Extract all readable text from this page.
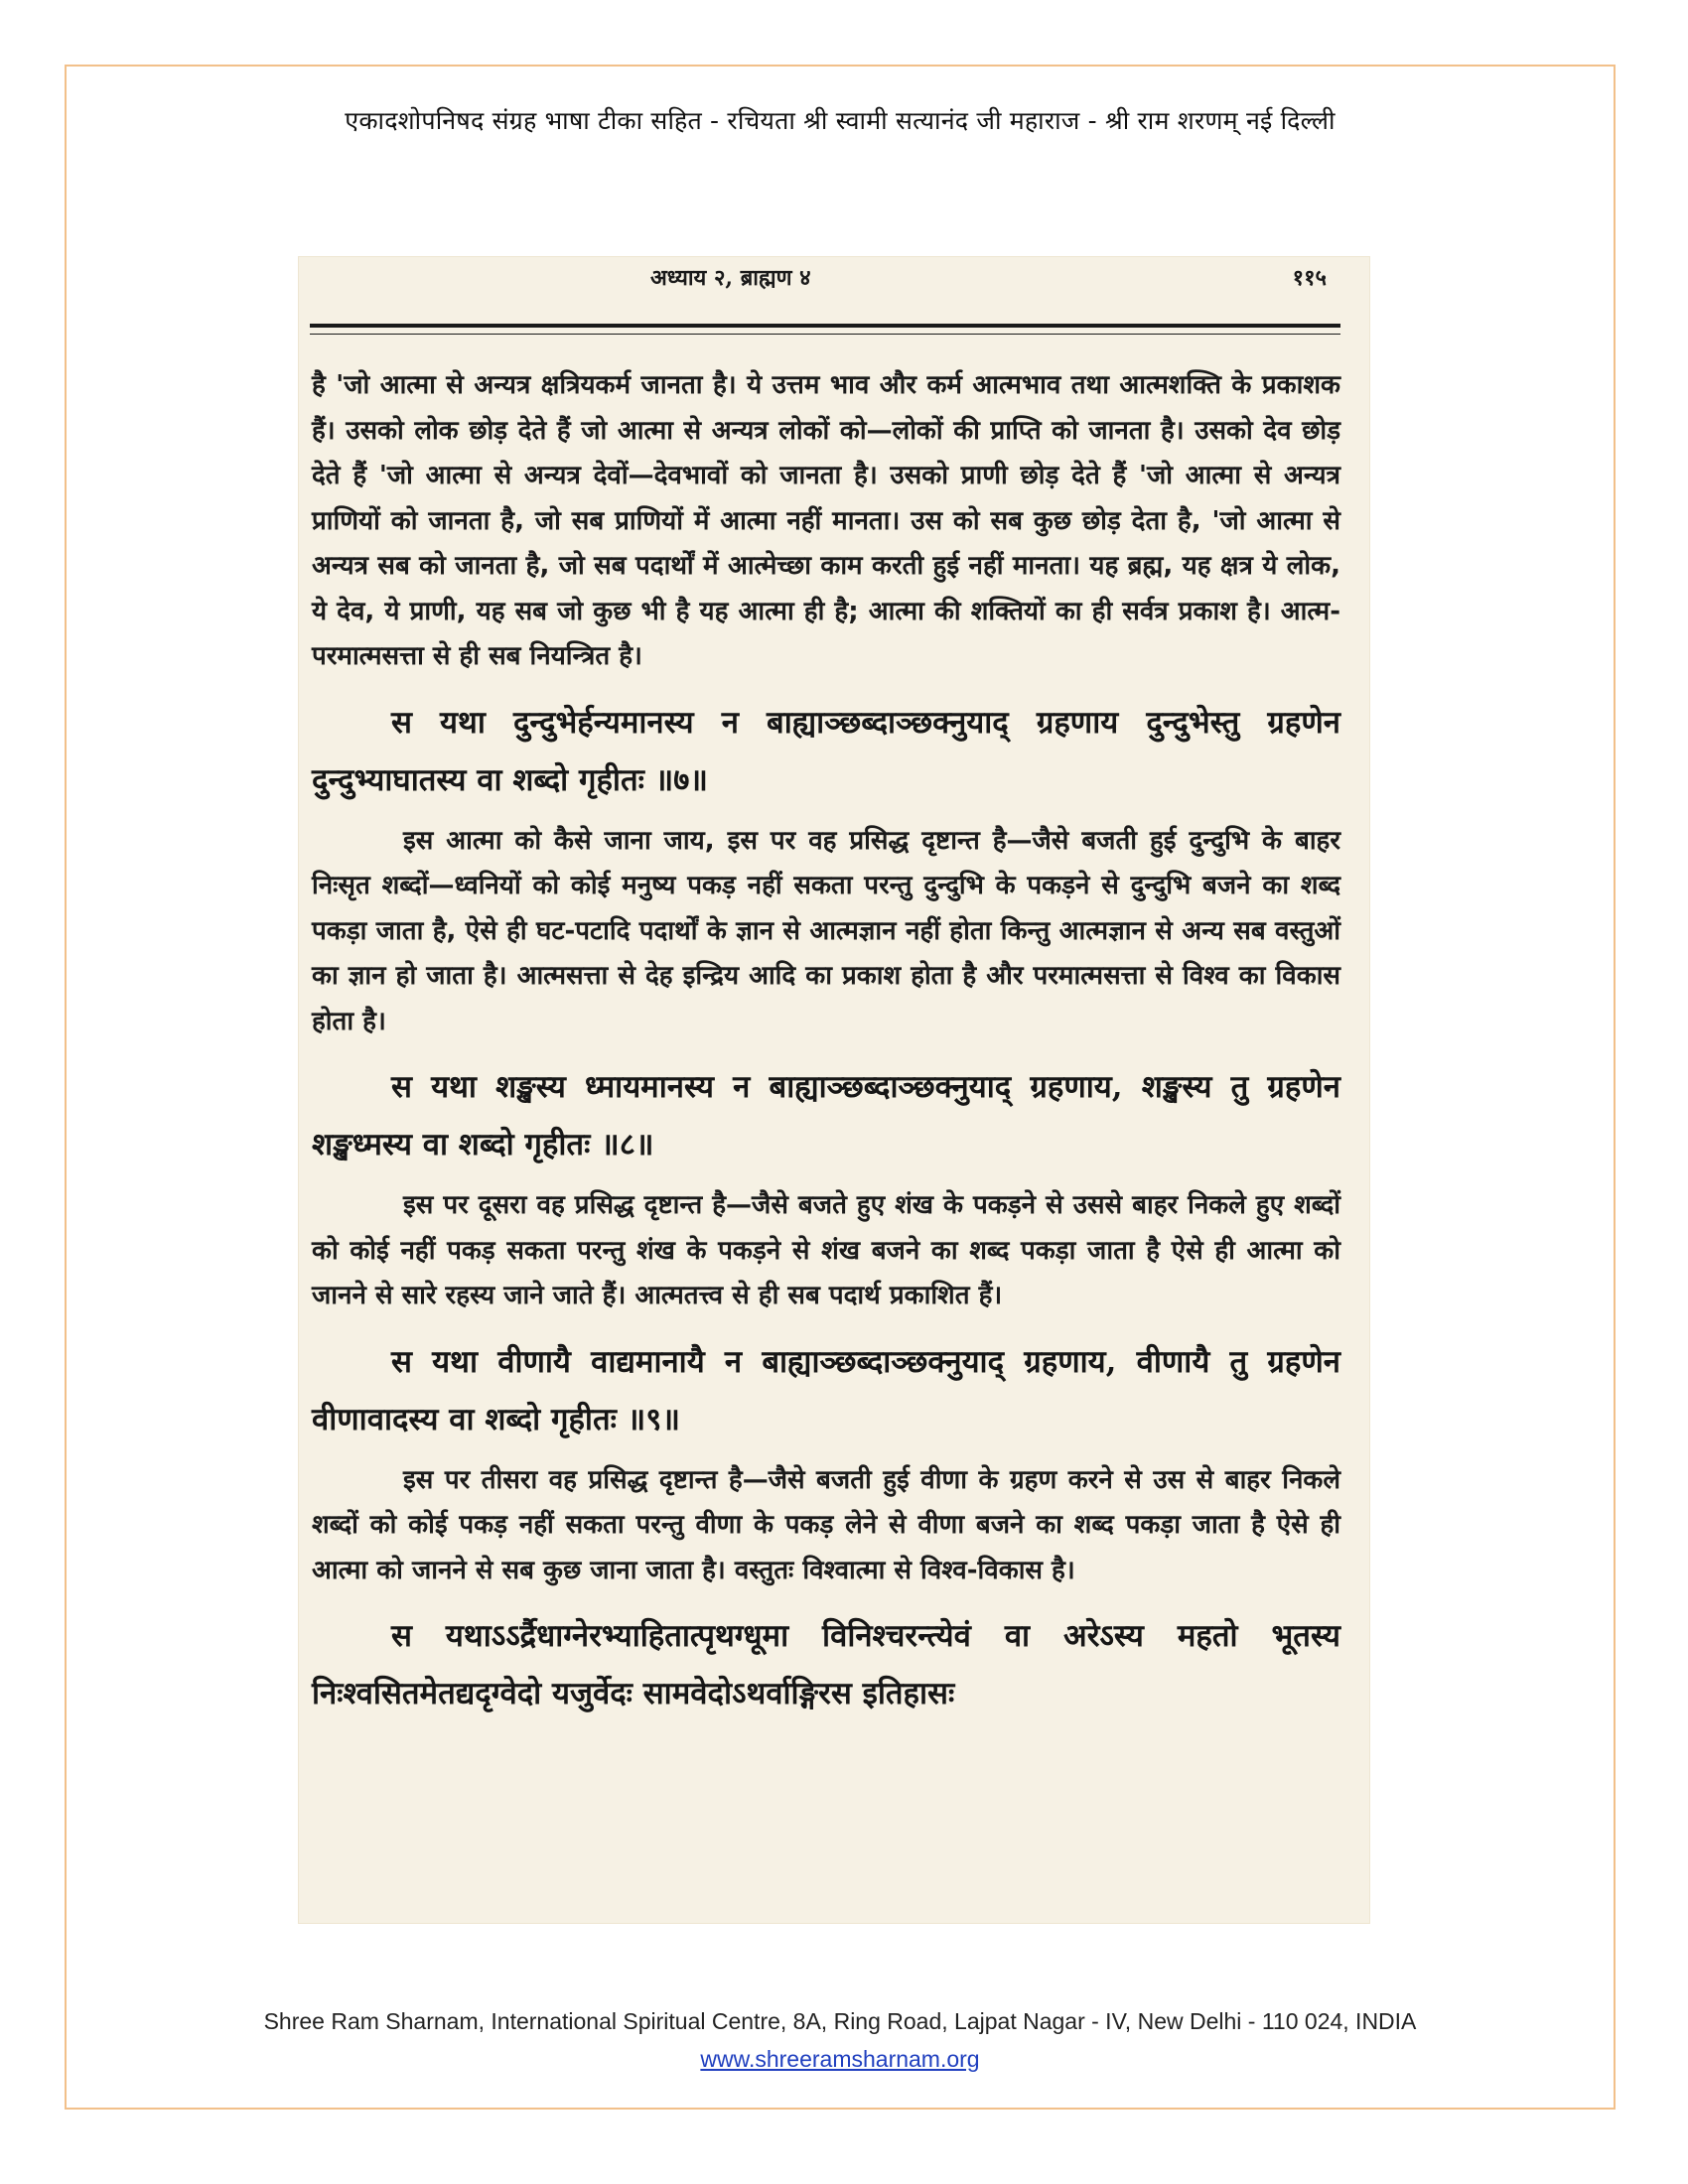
एकादशोपनिषद संग्रह भाषा टीका सहित - रचियता श्री स्वामी सत्यानंद जी महाराज - श्री राम शरणम् नई दिल्ली
अध्याय २, ब्राह्मण ४	११५

है 'जो आत्मा से अन्यत्र क्षत्रियकर्म जानता है। ये उत्तम भाव और कर्म आत्मभाव तथा आत्मशक्ति के प्रकाशक हैं। उसको लोक छोड़ देते हैं जो आत्मा से अन्यत्र लोकों को—लोकों की प्राप्ति को जानता है। उसको देव छोड़ देते हैं 'जो आत्मा से अन्यत्र देवों—देवभावों को जानता है। उसको प्राणी छोड़ देते हैं 'जो आत्मा से अन्यत्र प्राणियों को जानता है, जो सब प्राणियों में आत्मा नहीं मानता। उस को सब कुछ छोड़ देता है, 'जो आत्मा से अन्यत्र सब को जानता है, जो सब पदार्थों में आत्मेच्छा काम करती हुई नहीं मानता। यह ब्रह्म, यह क्षत्र ये लोक, ये देव, ये प्राणी, यह सब जो कुछ भी है यह आत्मा ही है; आत्मा की शक्तियों का ही सर्वत्र प्रकाश है। आत्म-परमात्मसत्ता से ही सब नियन्त्रित है।

स यथा दुन्दुभेर्हन्यमानस्य न बाह्याञ्छब्दाञ्छक्नुयाद् ग्रहणाय दुन्दुभेस्तु ग्रहणेन दुन्दुभ्याघातस्य वा शब्दो गृहीतः ॥७॥

इस आत्मा को कैसे जाना जाय, इस पर वह प्रसिद्ध दृष्टान्त है—जैसे बजती हुई दुन्दुभि के बाहर निःसृत शब्दों—ध्वनियों को कोई मनुष्य पकड़ नहीं सकता परन्तु दुन्दुभि के पकड़ने से दुन्दुभि बजने का शब्द पकड़ा जाता है, ऐसे ही घट-पटादि पदार्थों के ज्ञान से आत्मज्ञान नहीं होता किन्तु आत्मज्ञान से अन्य सब वस्तुओं का ज्ञान हो जाता है। आत्मसत्ता से देह इन्द्रिय आदि का प्रकाश होता है और परमात्मसत्ता से विश्व का विकास होता है।

स यथा शङ्खस्य ध्मायमानस्य न बाह्याञ्छब्दाञ्छक्नुयाद् ग्रहणाय, शङ्खस्य तु ग्रहणेन शङ्खध्मस्य वा शब्दो गृहीतः ॥८॥

इस पर दूसरा वह प्रसिद्ध दृष्टान्त है—जैसे बजते हुए शंख के पकड़ने से उससे बाहर निकले हुए शब्दों को कोई नहीं पकड़ सकता परन्तु शंख के पकड़ने से शंख बजने का शब्द पकड़ा जाता है ऐसे ही आत्मा को जानने से सारे रहस्य जाने जाते हैं। आत्मतत्त्व से ही सब पदार्थ प्रकाशित हैं।

स यथा वीणायै वाद्यमानायै न बाह्याञ्छब्दाञ्छक्नुयाद् ग्रहणाय, वीणायै तु ग्रहणेन वीणावादस्य वा शब्दो गृहीतः ॥९॥

इस पर तीसरा वह प्रसिद्ध दृष्टान्त है—जैसे बजती हुई वीणा के ग्रहण करने से उस से बाहर निकले शब्दों को कोई पकड़ नहीं सकता परन्तु वीणा के पकड़ लेने से वीणा बजने का शब्द पकड़ा जाता है ऐसे ही आत्मा को जानने से सब कुछ जाना जाता है। वस्तुतः विश्वात्मा से विश्व-विकास है।

स यथाऽऽर्द्रैधाग्नेरभ्याहितात्पृथग्धूमा विनिश्चरन्त्येवं वा अरेऽस्य महतो भूतस्य निःश्वसितमेतद्यदृग्वेदो यजुर्वेदः सामवेदोऽथर्वाङ्गिरस इतिहासः

Shree Ram Sharnam, International Spiritual Centre, 8A, Ring Road, Lajpat Nagar - IV, New Delhi - 110 024, INDIA
www.shreeramsharnam.org
